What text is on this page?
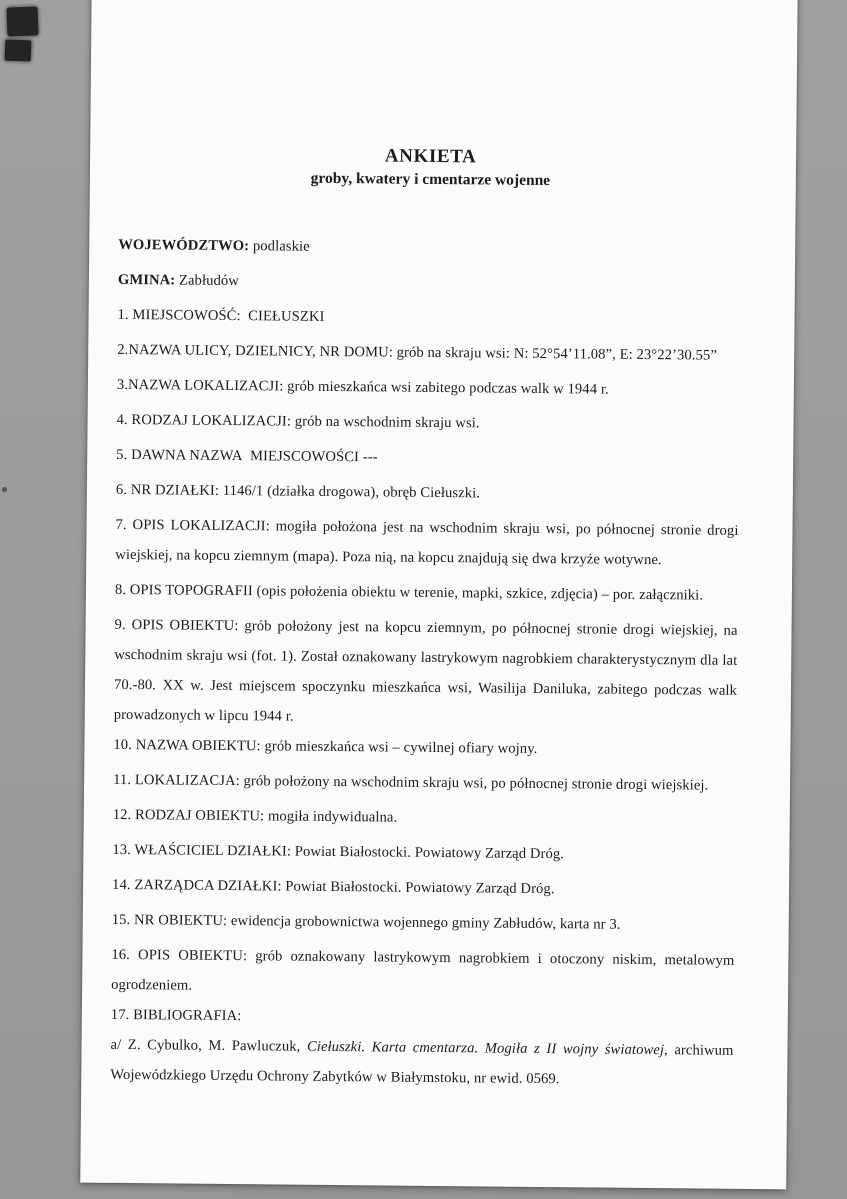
ANKIETA
groby, kwatery i cmentarze wojenne

WOJEWÓDZTWO: podlaskie

GMINA: Zabłudów

1. MIEJSCOWOŚĆ:  CIEŁUSZKI

2.NAZWA ULICY, DZIELNICY, NR DOMU: grób na skraju wsi: N: 52°54’11.08”, E: 23°22’30.55”

3.NAZWA LOKALIZACJI: grób mieszkańca wsi zabitego podczas walk w 1944 r.

4. RODZAJ LOKALIZACJI: grób na wschodnim skraju wsi.

5. DAWNA NAZWA  MIEJSCOWOŚCI ---

6. NR DZIAŁKI: 1146/1 (działka drogowa), obręb Ciełuszki.

7. OPIS LOKALIZACJI: mogiła położona jest na wschodnim skraju wsi, po północnej stronie drogi wiejskiej, na kopcu ziemnym (mapa). Poza nią, na kopcu znajdują się dwa krzyże wotywne.

8. OPIS TOPOGRAFII (opis położenia obiektu w terenie, mapki, szkice, zdjęcia) – por. załączniki.

9. OPIS OBIEKTU: grób położony jest na kopcu ziemnym, po północnej stronie drogi wiejskiej, na wschodnim skraju wsi (fot. 1). Został oznakowany lastrykowym nagrobkiem charakterystycznym dla lat 70.-80. XX w. Jest miejscem spoczynku mieszkańca wsi, Wasilija Daniluka, zabitego podczas walk prowadzonych w lipcu 1944 r.

10. NAZWA OBIEKTU: grób mieszkańca wsi – cywilnej ofiary wojny.

11. LOKALIZACJA: grób położony na wschodnim skraju wsi, po północnej stronie drogi wiejskiej.

12. RODZAJ OBIEKTU: mogiła indywidualna.

13. WŁAŚCICIEL DZIAŁKI: Powiat Białostocki. Powiatowy Zarząd Dróg.

14. ZARZĄDCA DZIAŁKI: Powiat Białostocki. Powiatowy Zarząd Dróg.

15. NR OBIEKTU: ewidencja grobownictwa wojennego gminy Zabłudów, karta nr 3.

16. OPIS OBIEKTU: grób oznakowany lastrykowym nagrobkiem i otoczony niskim, metalowym ogrodzeniem.

17. BIBLIOGRAFIA:

a/ Z. Cybulko, M. Pawluczuk, Ciełuszki. Karta cmentarza. Mogiła z II wojny światowej, archiwum Wojewódzkiego Urzędu Ochrony Zabytków w Białymstoku, nr ewid. 0569.
